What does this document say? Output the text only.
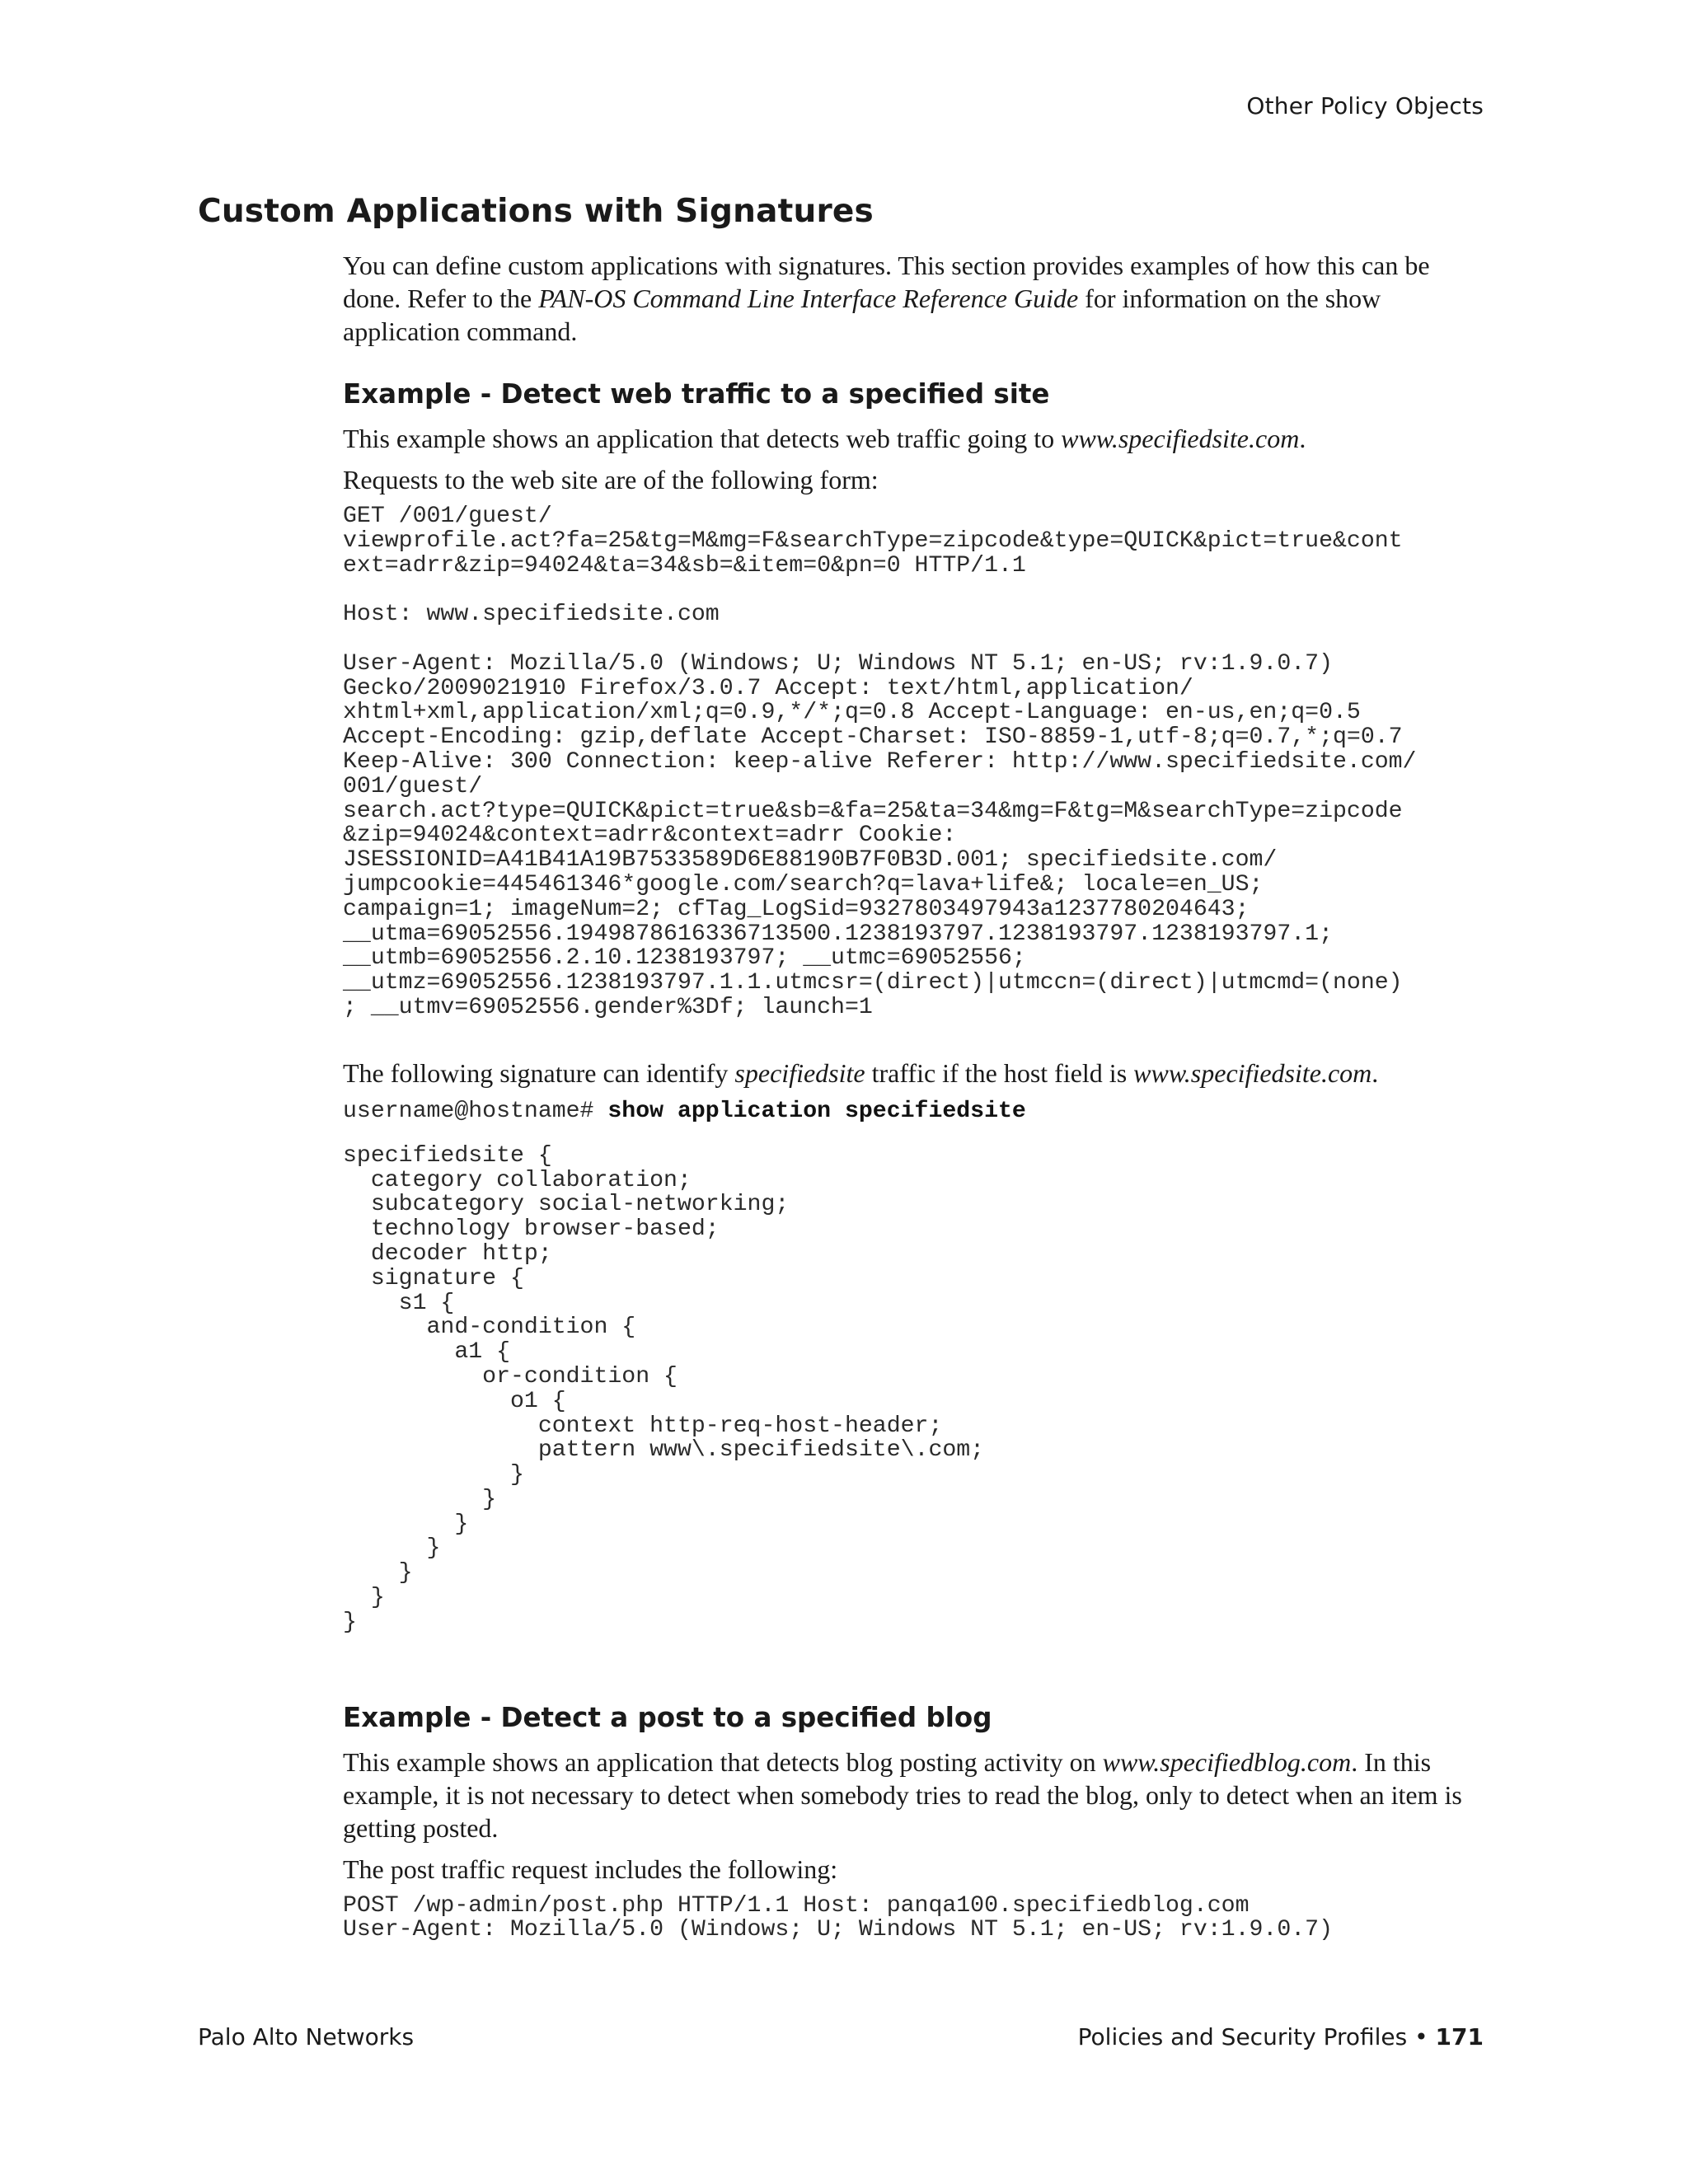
Other Policy Objects
Custom Applications with Signatures

You can define custom applications with signatures. This section provides examples of how this can be done. Refer to the PAN-OS Command Line Interface Reference Guide for information on the show application command.

Example - Detect web traffic to a specified site

This example shows an application that detects web traffic going to www.specifiedsite.com.

Requests to the web site are of the following form:

GET /001/guest/
viewprofile.act?fa=25&tg=M&mg=F&searchType=zipcode&type=QUICK&pict=true&cont
ext=adrr&zip=94024&ta=34&sb=&item=0&pn=0 HTTP/1.1
Host: www.specifiedsite.com
User-Agent: Mozilla/5.0 (Windows; U; Windows NT 5.1; en-US; rv:1.9.0.7)
Gecko/2009021910 Firefox/3.0.7 Accept: text/html,application/
xhtml+xml,application/xml;q=0.9,*/*;q=0.8 Accept-Language: en-us,en;q=0.5
Accept-Encoding: gzip,deflate Accept-Charset: ISO-8859-1,utf-8;q=0.7,*;q=0.7
Keep-Alive: 300 Connection: keep-alive Referer: http://www.specifiedsite.com/
001/guest/
search.act?type=QUICK&pict=true&sb=&fa=25&ta=34&mg=F&tg=M&searchType=zipcode
&zip=94024&context=adrr&context=adrr Cookie:
JSESSIONID=A41B41A19B7533589D6E88190B7F0B3D.001; specifiedsite.com/
jumpcookie=445461346*google.com/search?q=lava+life&; locale=en_US;
campaign=1; imageNum=2; cfTag_LogSid=9327803497943a1237780204643;
__utma=69052556.1949878616336713500.1238193797.1238193797.1238193797.1;
__utmb=69052556.2.10.1238193797; __utmc=69052556;
__utmz=69052556.1238193797.1.1.utmcsr=(direct)|utmccn=(direct)|utmcmd=(none)
; __utmv=69052556.gender%3Df; launch=1

The following signature can identify specifiedsite traffic if the host field is www.specifiedsite.com.

username@hostname# show application specifiedsite
specifiedsite {
category collaboration;
subcategory social-networking;
technology browser-based;
decoder http;
signature {
s1 {
and-condition {
a1 {
or-condition {
o1 {
context http-req-host-header;
pattern www\.specifiedsite\.com;
}
}
}
}
}
}
}
Example - Detect a post to a specified blog

This example shows an application that detects blog posting activity on www.specifiedblog.com. In this example, it is not necessary to detect when somebody tries to read the blog, only to detect when an item is getting posted.

The post traffic request includes the following:

POST /wp-admin/post.php HTTP/1.1 Host: panqa100.specifiedblog.com
User-Agent: Mozilla/5.0 (Windows; U; Windows NT 5.1; en-US; rv:1.9.0.7)
Palo Alto Networks	Policies and Security Profiles • 171
